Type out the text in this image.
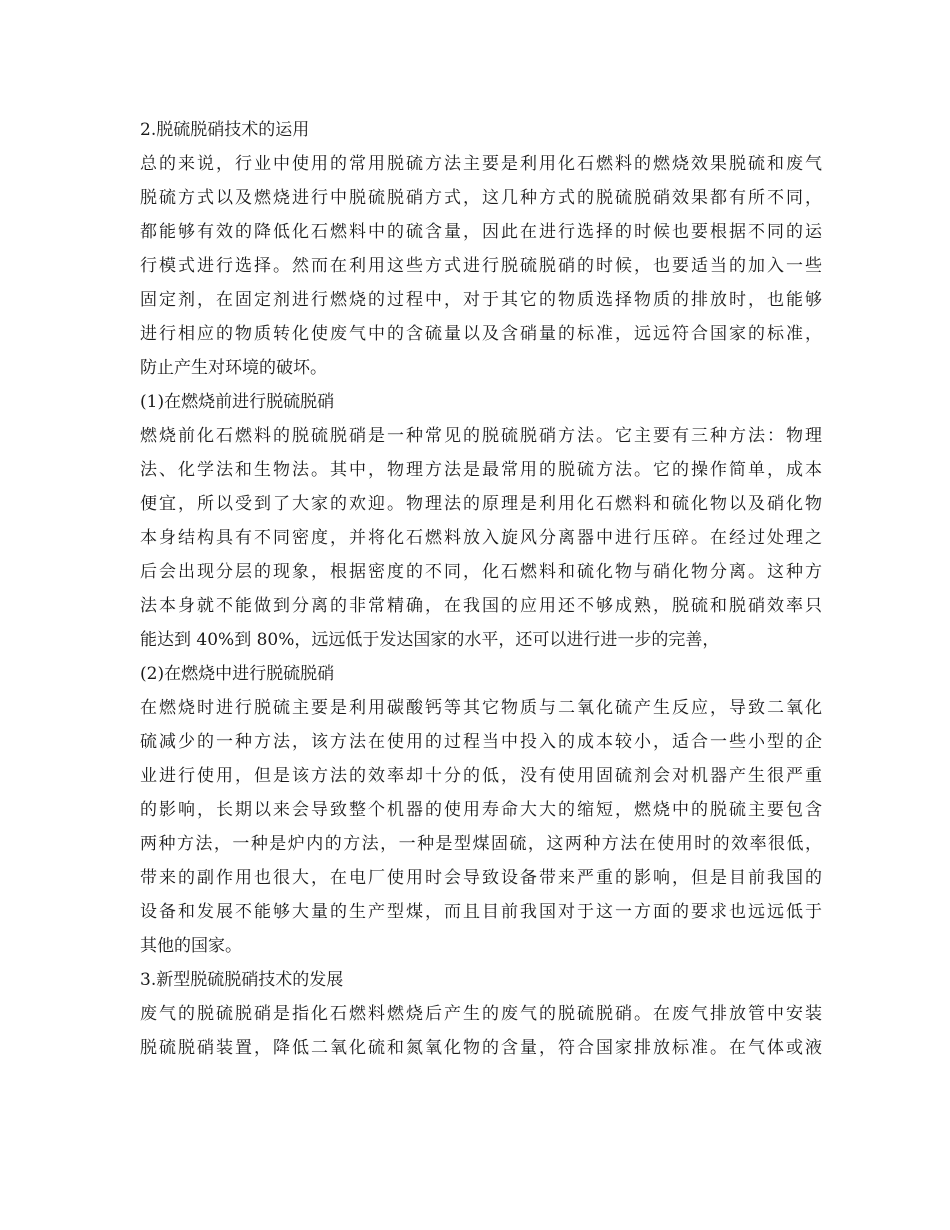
2.脱硫脱硝技术的运用
总的来说，行业中使用的常用脱硫方法主要是利用化石燃料的燃烧效果脱硫和废气
脱硫方式以及燃烧进行中脱硫脱硝方式，这几种方式的脱硫脱硝效果都有所不同，
都能够有效的降低化石燃料中的硫含量，因此在进行选择的时候也要根据不同的运
行模式进行选择。然而在利用这些方式进行脱硫脱硝的时候，也要适当的加入一些
固定剂，在固定剂进行燃烧的过程中，对于其它的物质选择物质的排放时，也能够
进行相应的物质转化使废气中的含硫量以及含硝量的标准，远远符合国家的标准，
防止产生对环境的破坏。
(1)在燃烧前进行脱硫脱硝
燃烧前化石燃料的脱硫脱硝是一种常见的脱硫脱硝方法。它主要有三种方法：物理
法、化学法和生物法。其中，物理方法是最常用的脱硫方法。它的操作简单，成本
便宜，所以受到了大家的欢迎。物理法的原理是利用化石燃料和硫化物以及硝化物
本身结构具有不同密度，并将化石燃料放入旋风分离器中进行压碎。在经过处理之
后会出现分层的现象，根据密度的不同，化石燃料和硫化物与硝化物分离。这种方
法本身就不能做到分离的非常精确，在我国的应用还不够成熟，脱硫和脱硝效率只
能达到 40%到 80%，远远低于发达国家的水平，还可以进行进一步的完善，
(2)在燃烧中进行脱硫脱硝
在燃烧时进行脱硫主要是利用碳酸钙等其它物质与二氧化硫产生反应，导致二氧化
硫减少的一种方法，该方法在使用的过程当中投入的成本较小，适合一些小型的企
业进行使用，但是该方法的效率却十分的低，没有使用固硫剂会对机器产生很严重
的影响，长期以来会导致整个机器的使用寿命大大的缩短，燃烧中的脱硫主要包含
两种方法，一种是炉内的方法，一种是型煤固硫，这两种方法在使用时的效率很低，
带来的副作用也很大，在电厂使用时会导致设备带来严重的影响，但是目前我国的
设备和发展不能够大量的生产型煤，而且目前我国对于这一方面的要求也远远低于
其他的国家。
3.新型脱硫脱硝技术的发展
废气的脱硫脱硝是指化石燃料燃烧后产生的废气的脱硫脱硝。在废气排放管中安装
脱硫脱硝装置，降低二氧化硫和氮氧化物的含量，符合国家排放标准。在气体或液
